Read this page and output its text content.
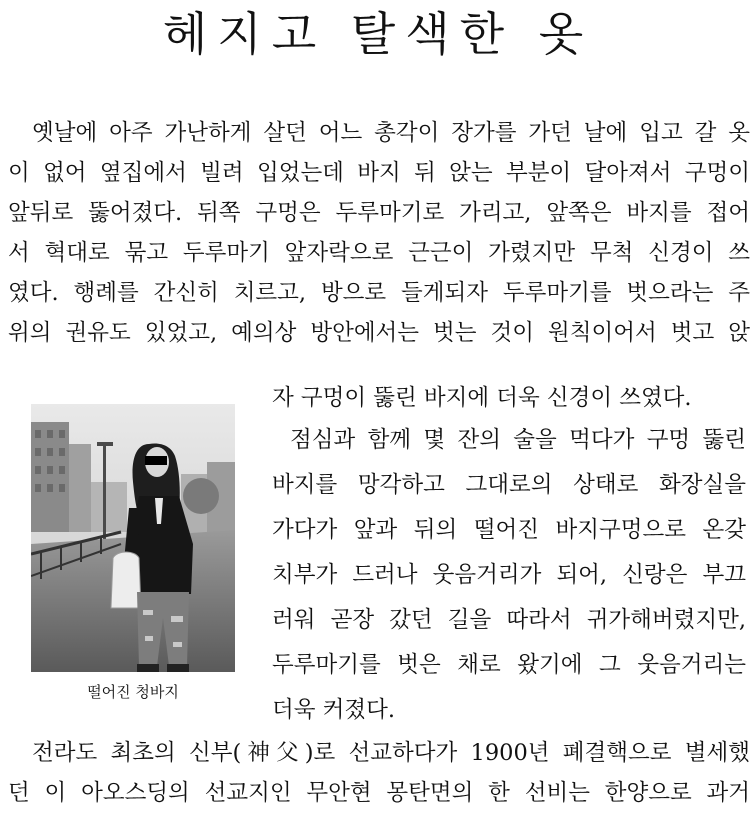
헤지고 탈색한 옷
옛날에 아주 가난하게 살던 어느 총각이 장가를 가던 날에 입고 갈 옷
이 없어 옆집에서 빌려 입었는데 바지 뒤 앉는 부분이 달아져서 구멍이
앞뒤로 뚫어졌다. 뒤쪽 구멍은 두루마기로 가리고, 앞쪽은 바지를 접어
서 혁대로 묶고 두루마기 앞자락으로 근근이 가렸지만 무척 신경이 쓰
였다. 행례를 간신히 치르고, 방으로 들게되자 두루마기를 벗으라는 주
위의 권유도 있었고, 예의상 방안에서는 벗는 것이 원칙이어서 벗고 앉
자 구멍이 뚫린 바지에 더욱 신경이 쓰였다.
떨어진 청바지
점심과 함께 몇 잔의 술을 먹다가 구멍 뚫린
바지를 망각하고 그대로의 상태로 화장실을
가다가 앞과 뒤의 떨어진 바지구멍으로 온갖
치부가 드러나 웃음거리가 되어, 신랑은 부끄
러워 곧장 갔던 길을 따라서 귀가해버렸지만,
두루마기를 벗은 채로 왔기에 그 웃음거리는
더욱 커졌다.
전라도 최초의 신부(神父)로 선교하다가 1900년 폐결핵으로 별세했
던 이 아오스딩의 선교지인 무안현 몽탄면의 한 선비는 한양으로 과거
